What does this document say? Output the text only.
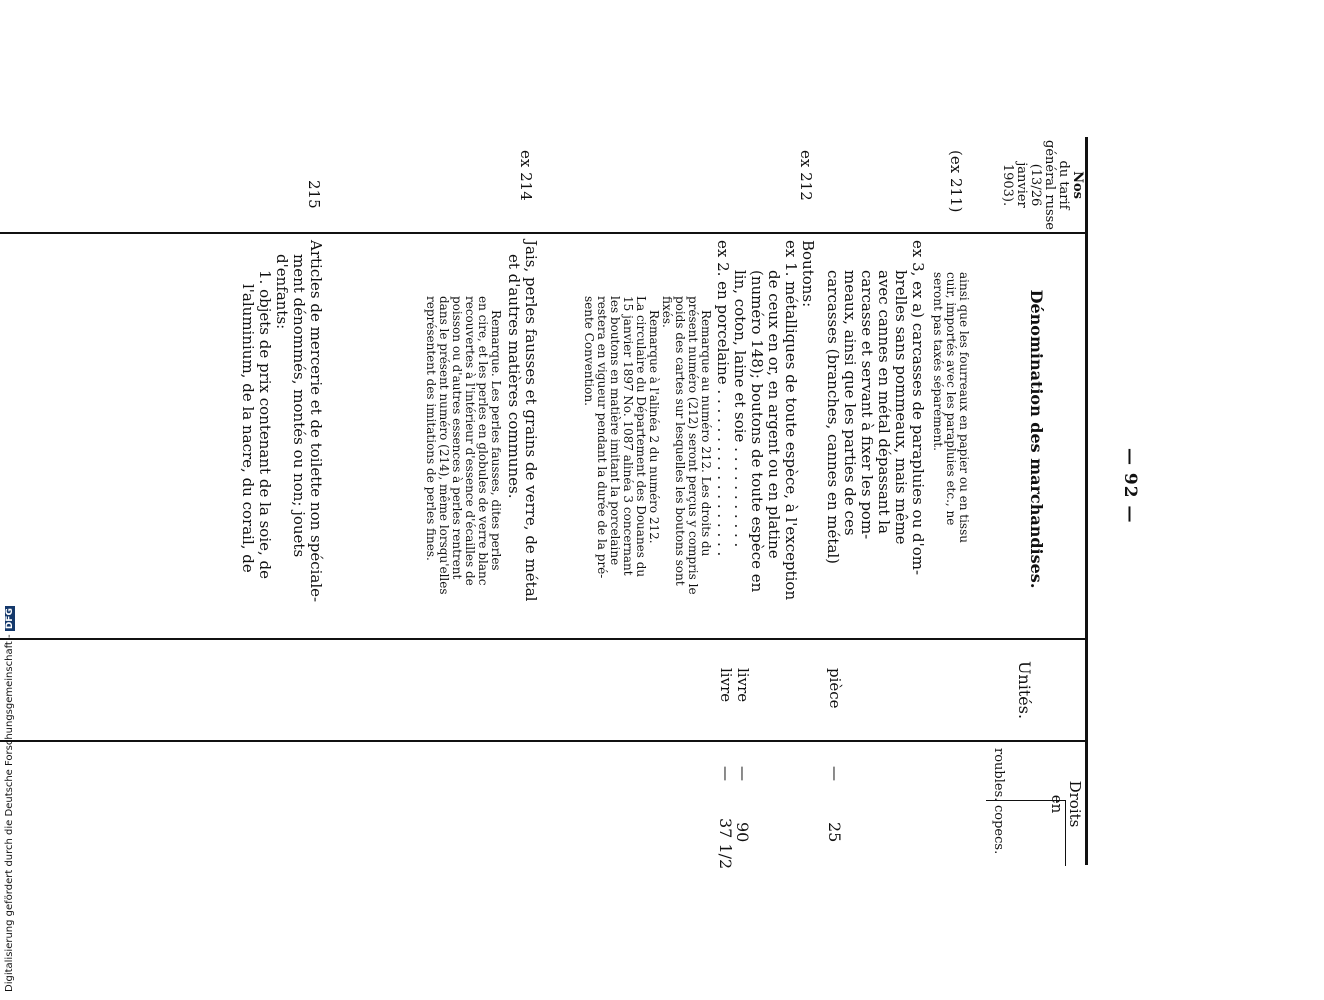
— 92 —
Nos
du tarif
général russe
(13/26 janvier
1903).
Dénomination des marchandises.
Unités.
Droits
en
roubles.
copecs.
(ex 211)
ainsi que les fourreaux en papier ou en tissu
cuir, importés avec les parapluies etc., ne
seront pas taxés séparément.
ex 3, ex a) carcasses de parapluies ou d'om-
brelles sans pommeaux, mais même
avec cannes en métal dépassant la
carcasse et servant à fixer les pom-
meaux, ainsi que les parties de ces
carcasses (branches, cannes en métal)
pièce
—
25
ex 212
Boutons:
ex 1. métalliques de toute espèce, à l'exception
de ceux en or, en argent ou en platine
(numéro 148); boutons de toute espèce en
lin, coton, laine et soie . . . . . . . . . . .
ex 2. en porcelaine . . . . . . . . . . . . . . . . . .
livre
livre
—
—
90
37 1/2
Remarque au numéro 212. Les droits du
présent numéro (212) seront perçus y compris le
poids des cartes sur lesquelles les boutons sont
fixés.
Remarque à l'alinéa 2 du numéro 212.
La circulaire du Département des Douanes du
15 janvier 1897 No. 1087 alinéa 3 concernant
les boutons en matière imitant la porcelaine
restera en vigueur pendant la durée de la pré-
sente Convention.
ex 214
Jais, perles fausses et grains de verre, de métal
et d'autres matières communes.
Remarque. Les perles fausses, dites perles
en cire, et les perles en globules de verre blanc
recouvertes à l'intérieur d'essence d'écailles de
poisson ou d'autres essences à perles rentrent
dans le présent numéro (214), même lorsqu'elles
représentent des imitations de perles fines.
215
Articles de mercerie et de toilette non spéciale-
ment dénommés, montés ou non; jouets
d'enfants:
1. objets de prix contenant de la soie, de
l'aluminium, de la nacre, du corail, de
Digitalisierung gefördert durch die Deutsche Forschungsgemeinschaft - DFG
